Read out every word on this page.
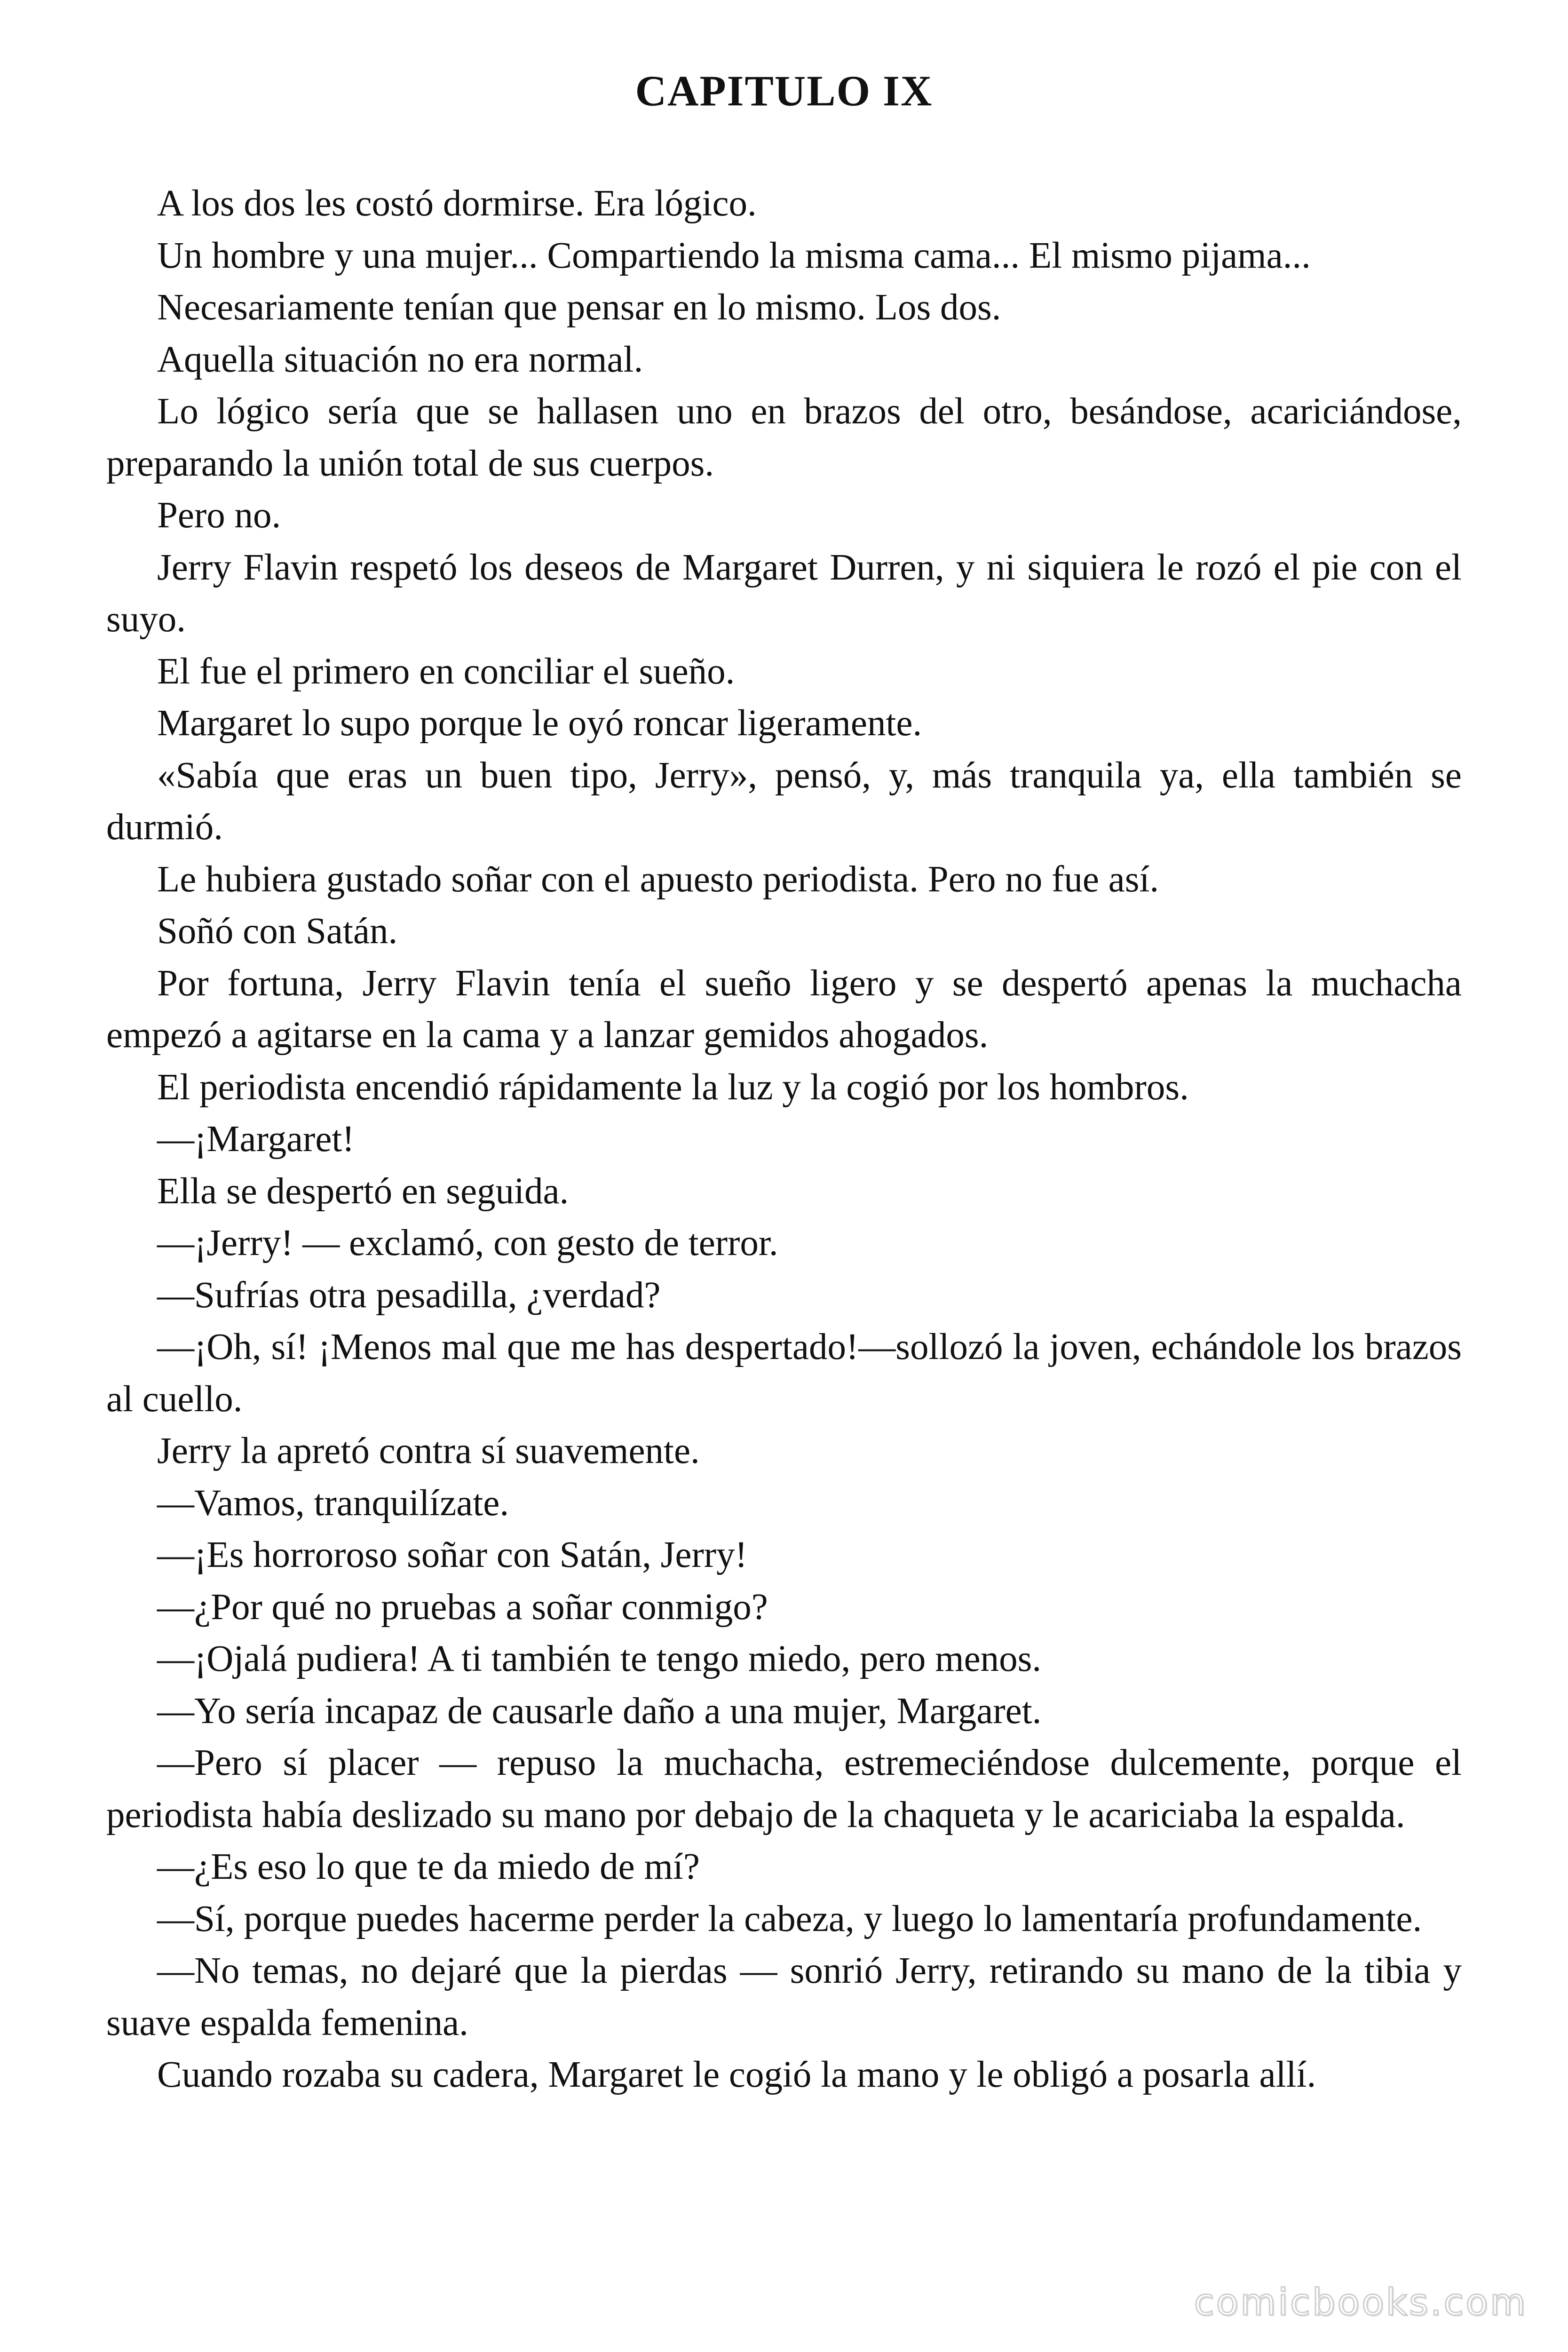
CAPITULO IX

A los dos les costó dormirse. Era lógico.

Un hombre y una mujer... Compartiendo la misma cama... El mismo pijama...

Necesariamente tenían que pensar en lo mismo. Los dos.

Aquella situación no era normal.

Lo lógico sería que se hallasen uno en brazos del otro, besándose, acariciándose, preparando la unión total de sus cuerpos.

Pero no.

Jerry Flavin respetó los deseos de Margaret Durren, y ni siquiera le rozó el pie con el suyo.

El fue el primero en conciliar el sueño.

Margaret lo supo porque le oyó roncar ligeramente.

«Sabía que eras un buen tipo, Jerry», pensó, y, más tranquila ya, ella también se durmió.

Le hubiera gustado soñar con el apuesto periodista. Pero no fue así.

Soñó con Satán.

Por fortuna, Jerry Flavin tenía el sueño ligero y se despertó apenas la muchacha empezó a agitarse en la cama y a lanzar gemidos ahogados.

El periodista encendió rápidamente la luz y la cogió por los hombros.

—¡Margaret!

Ella se despertó en seguida.

—¡Jerry! — exclamó, con gesto de terror.

—Sufrías otra pesadilla, ¿verdad?

—¡Oh, sí! ¡Menos mal que me has despertado!—sollozó la joven, echándole los brazos al cuello.

Jerry la apretó contra sí suavemente.

—Vamos, tranquilízate.

—¡Es horroroso soñar con Satán, Jerry!

—¿Por qué no pruebas a soñar conmigo?

—¡Ojalá pudiera! A ti también te tengo miedo, pero menos.

—Yo sería incapaz de causarle daño a una mujer, Margaret.

—Pero sí placer — repuso la muchacha, estremeciéndose dulcemente, porque el periodista había deslizado su mano por debajo de la chaqueta y le acariciaba la espalda.

—¿Es eso lo que te da miedo de mí?

—Sí, porque puedes hacerme perder la cabeza, y luego lo lamentaría profundamente.

—No temas, no dejaré que la pierdas — sonrió Jerry, retirando su mano de la tibia y suave espalda femenina.

Cuando rozaba su cadera, Margaret le cogió la mano y le obligó a posarla allí.

comicbooks.com
